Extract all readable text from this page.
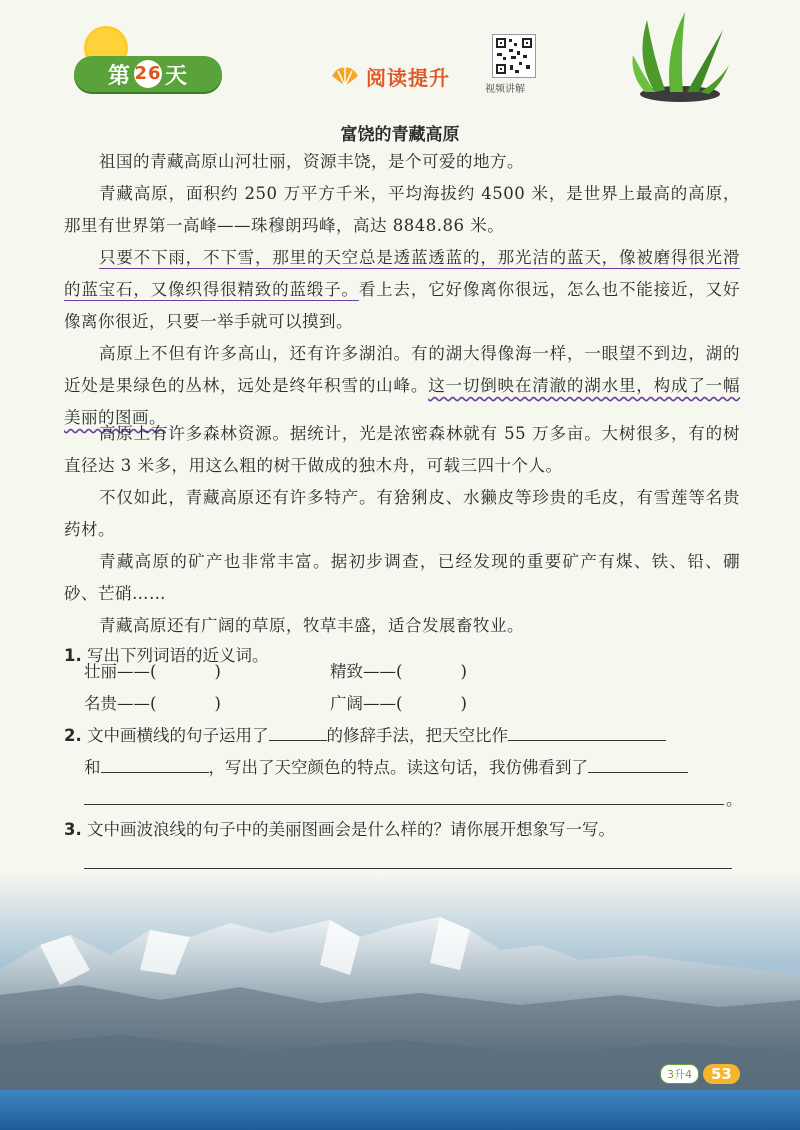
第 26 天	阅读提升	视频讲解
富饶的青藏高原
祖国的青藏高原山河壮丽，资源丰饶，是个可爱的地方。
青藏高原，面积约 250 万平方千米，平均海拔约 4500 米，是世界上最高的高原，那里有世界第一高峰——珠穆朗玛峰，高达 8848.86 米。
只要不下雨，不下雪，那里的天空总是透蓝透蓝的，那光洁的蓝天，像被磨得很光滑的蓝宝石，又像织得很精致的蓝缎子。看上去，它好像离你很远，怎么也不能接近，又好像离你很近，只要一举手就可以摸到。
高原上不但有许多高山，还有许多湖泊。有的湖大得像海一样，一眼望不到边，湖的近处是果绿色的丛林，远处是终年积雪的山峰。这一切倒映在清澈的湖水里，构成了一幅美丽的图画。
高原上有许多森林资源。据统计，光是浓密森林就有 55 万多亩。大树很多，有的树直径达 3 米多，用这么粗的树干做成的独木舟，可载三四十个人。
不仅如此，青藏高原还有许多特产。有猞猁皮、水獭皮等珍贵的毛皮，有雪莲等名贵药材。
青藏高原的矿产也非常丰富。据初步调查，已经发现的重要矿产有煤、铁、铅、硼砂、芒硝……
青藏高原还有广阔的草原，牧草丰盛，适合发展畜牧业。
1. 写出下列词语的近义词。
壮丽——(	)	精致——(	)
名贵——(	)	广阔——(	)
2. 文中画横线的句子运用了	的修辞手法，把天空比作
和	，写出了天空颜色的特点。读这句话，我仿佛看到了
。
3. 文中画波浪线的句子中的美丽图画会是什么样的？请你展开想象写一写。
3升4	53
